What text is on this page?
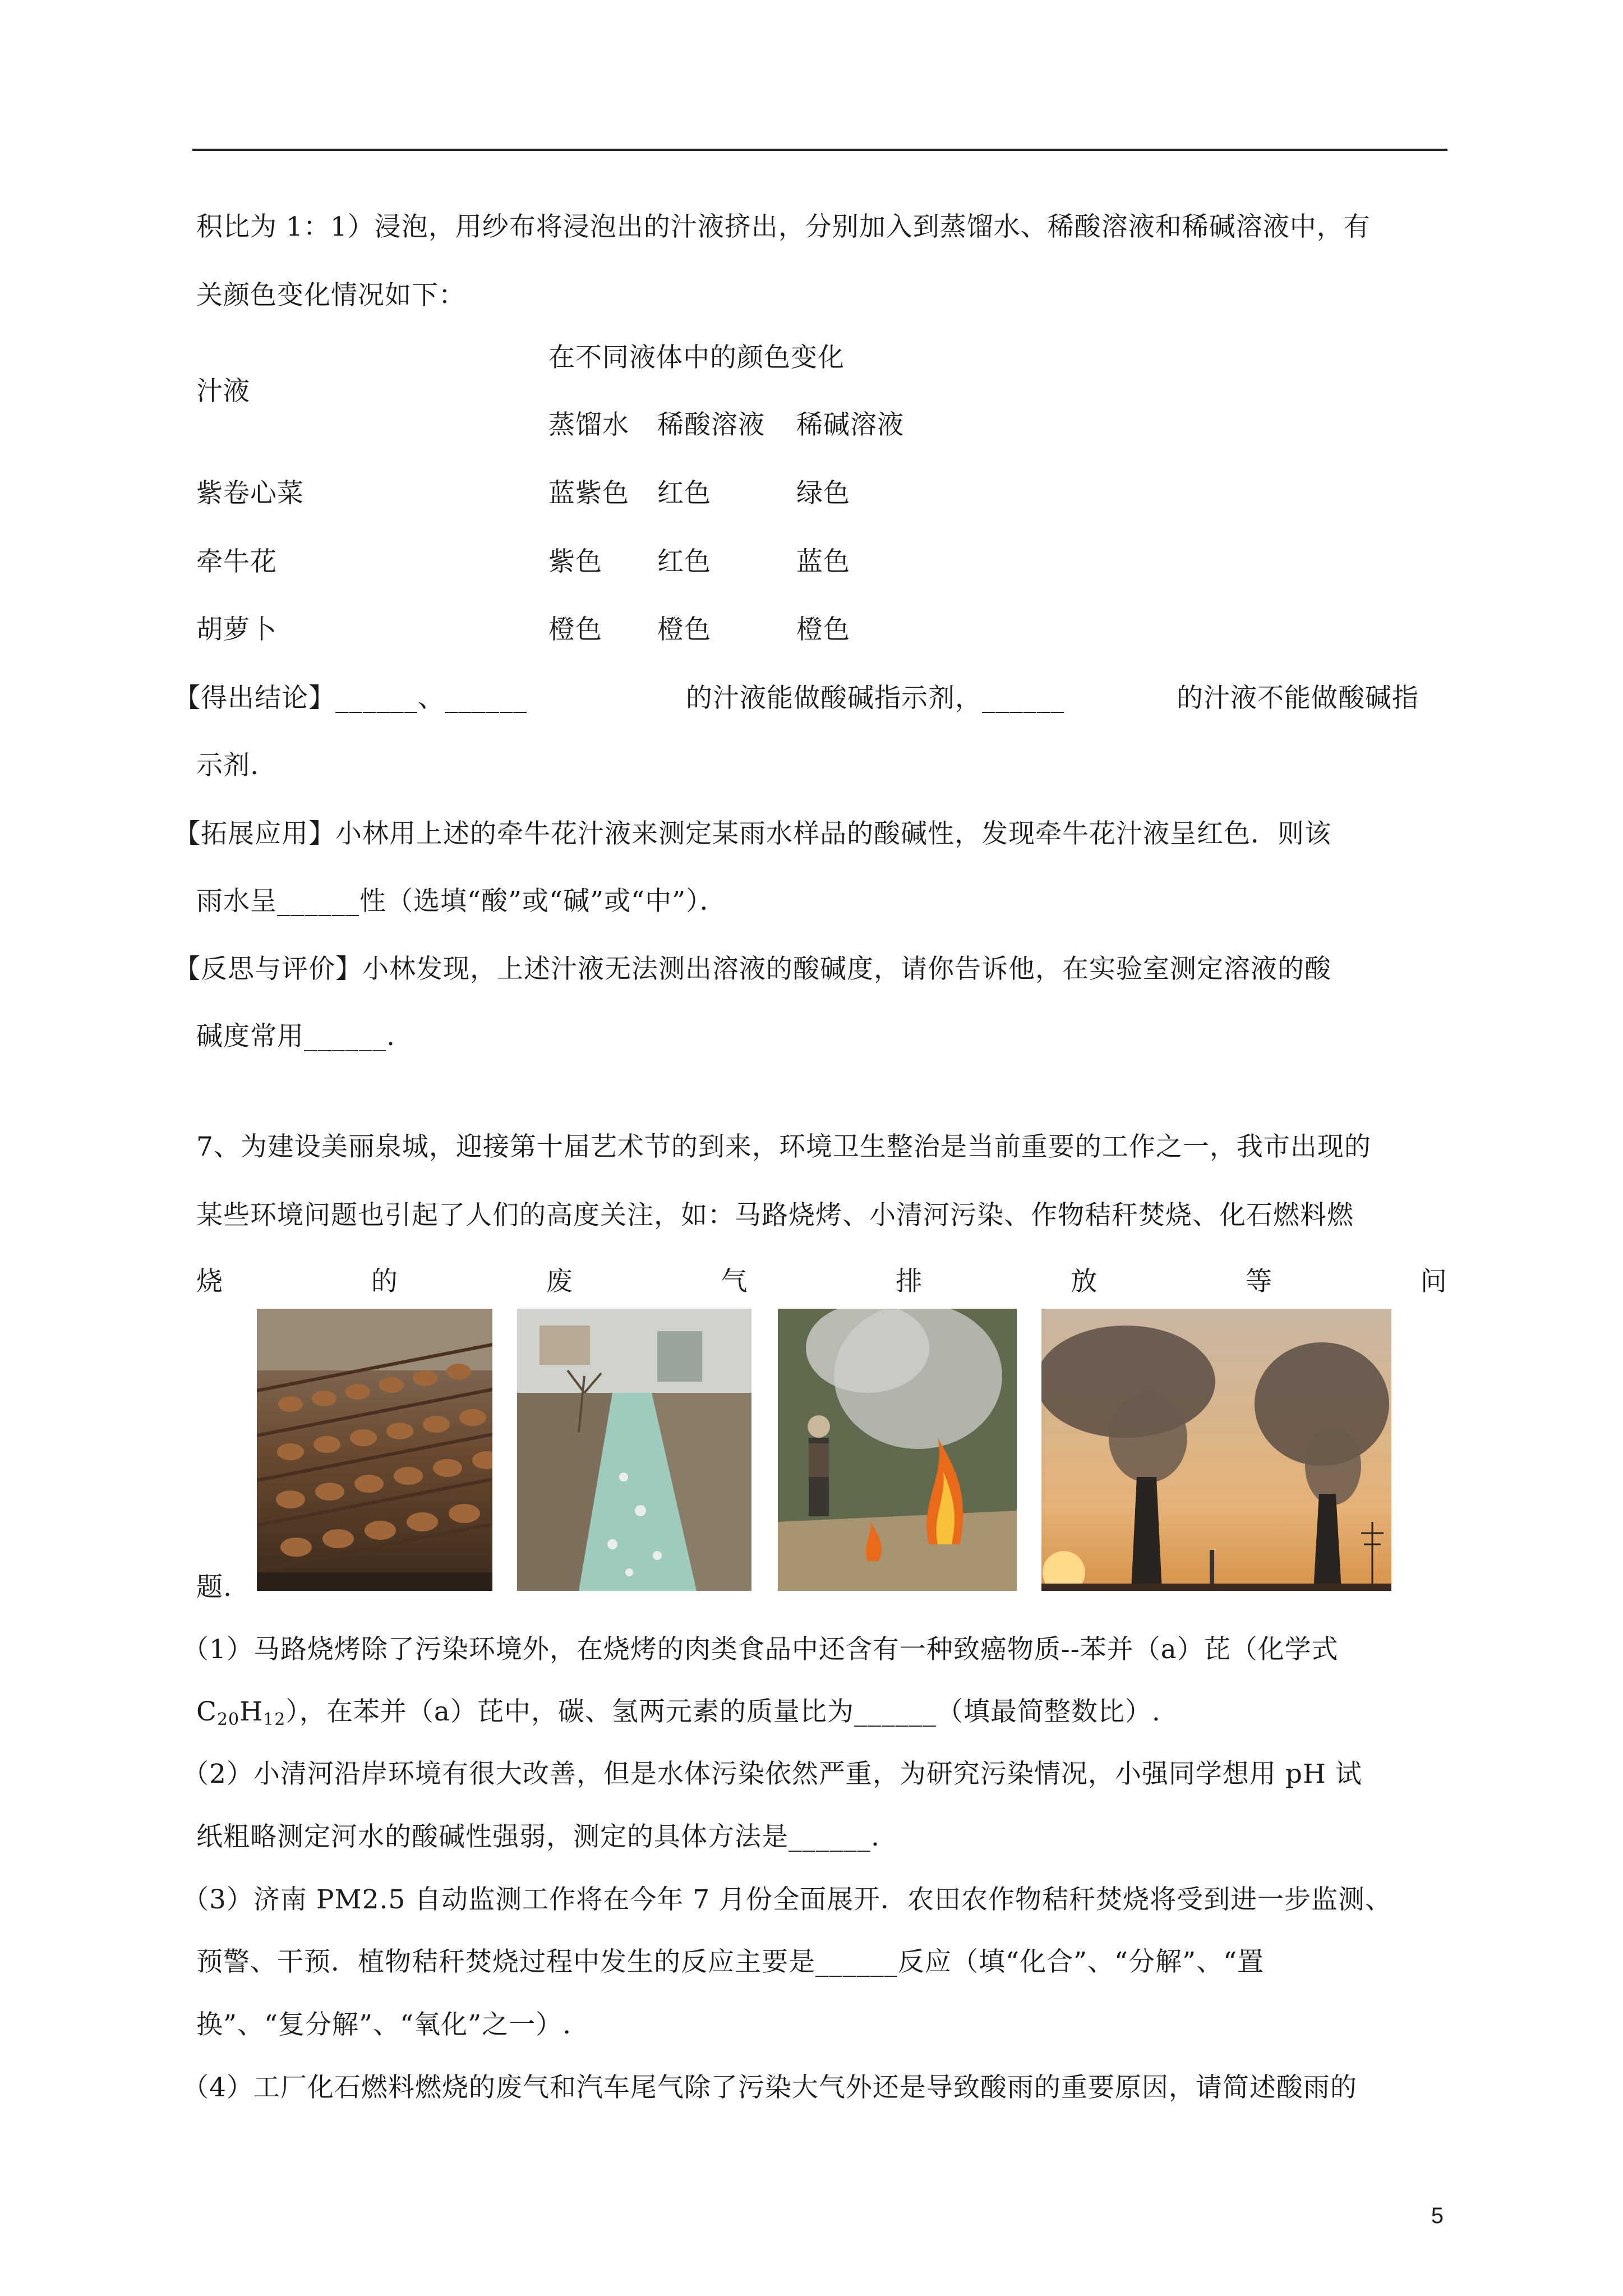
积比为 1：1）浸泡，用纱布将浸泡出的汁液挤出，分别加入到蒸馏水、稀酸溶液和稀碱溶液中，有
关颜色变化情况如下：
汁液
在不同液体中的颜色变化
蒸馏水 稀酸溶液 稀碱溶液
紫卷心菜	蓝紫色 红色	绿色
牵牛花	紫色 红色	蓝色
胡萝卜	橙色 橙色	橙色
【得出结论】______、______	的汁液能做酸碱指示剂，______	的汁液不能做酸碱指
示剂.
【拓展应用】小林用上述的牵牛花汁液来测定某雨水样品的酸碱性，发现牵牛花汁液呈红色．则该
雨水呈______性（选填“酸”或“碱”或“中”）．
【反思与评价】小林发现，上述汁液无法测出溶液的酸碱度，请你告诉他，在实验室测定溶液的酸
碱度常用______.
7、为建设美丽泉城，迎接第十届艺术节的到来，环境卫生整治是当前重要的工作之一，我市出现的
某些环境问题也引起了人们的高度关注，如：马路烧烤、小清河污染、作物秸秆焚烧、化石燃料燃
烧	的	废	气	排	放	等	问
题.
（1）马路烧烤除了污染环境外，在烧烤的肉类食品中还含有一种致癌物质--苯并（a）芘（化学式
$C_{20}H_{12}$），在苯并（a）芘中，碳、氢两元素的质量比为______（填最简整数比）.
（2）小清河沿岸环境有很大改善，但是水体污染依然严重，为研究污染情况，小强同学想用 pH 试
纸粗略测定河水的酸碱性强弱，测定的具体方法是______.
（3）济南 PM2.5 自动监测工作将在今年 7 月份全面展开．农田农作物秸秆焚烧将受到进一步监测、
预警、干预．植物秸秆焚烧过程中发生的反应主要是______反应（填“化合”、“分解”、“置
换”、“复分解”、“氧化”之一）.
（4）工厂化石燃料燃烧的废气和汽车尾气除了污染大气外还是导致酸雨的重要原因，请简述酸雨的
5
